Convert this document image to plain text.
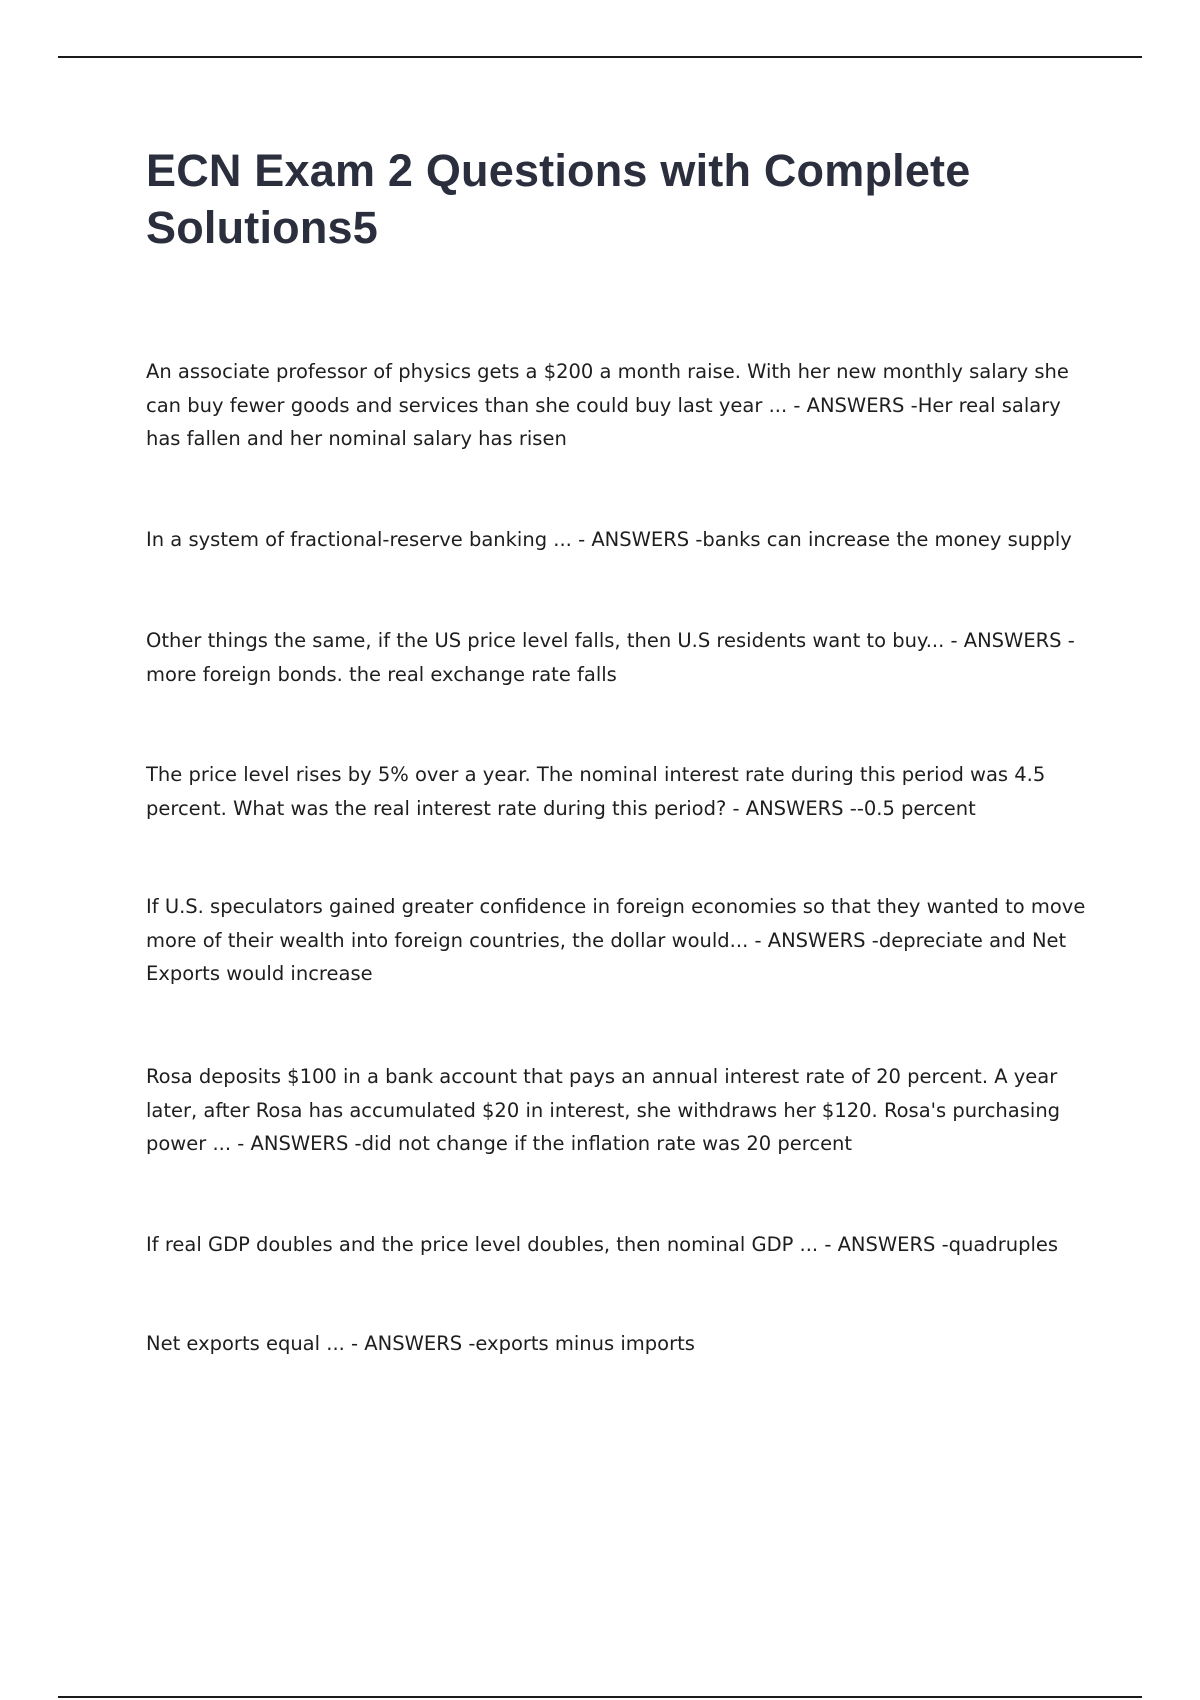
ECN Exam 2 Questions with Complete Solutions5

An associate professor of physics gets a $200 a month raise. With her new monthly salary she can buy fewer goods and services than she could buy last year ... - ANSWERS -Her real salary has fallen and her nominal salary has risen

In a system of fractional-reserve banking ... - ANSWERS -banks can increase the money supply

Other things the same, if the US price level falls, then U.S residents want to buy... - ANSWERS -more foreign bonds. the real exchange rate falls

The price level rises by 5% over a year. The nominal interest rate during this period was 4.5 percent. What was the real interest rate during this period? - ANSWERS --0.5 percent

If U.S. speculators gained greater confidence in foreign economies so that they wanted to move more of their wealth into foreign countries, the dollar would... - ANSWERS -depreciate and Net Exports would increase

Rosa deposits $100 in a bank account that pays an annual interest rate of 20 percent. A year later, after Rosa has accumulated $20 in interest, she withdraws her $120. Rosa's purchasing power ... - ANSWERS -did not change if the inflation rate was 20 percent

If real GDP doubles and the price level doubles, then nominal GDP ... - ANSWERS -quadruples

Net exports equal ... - ANSWERS -exports minus imports
